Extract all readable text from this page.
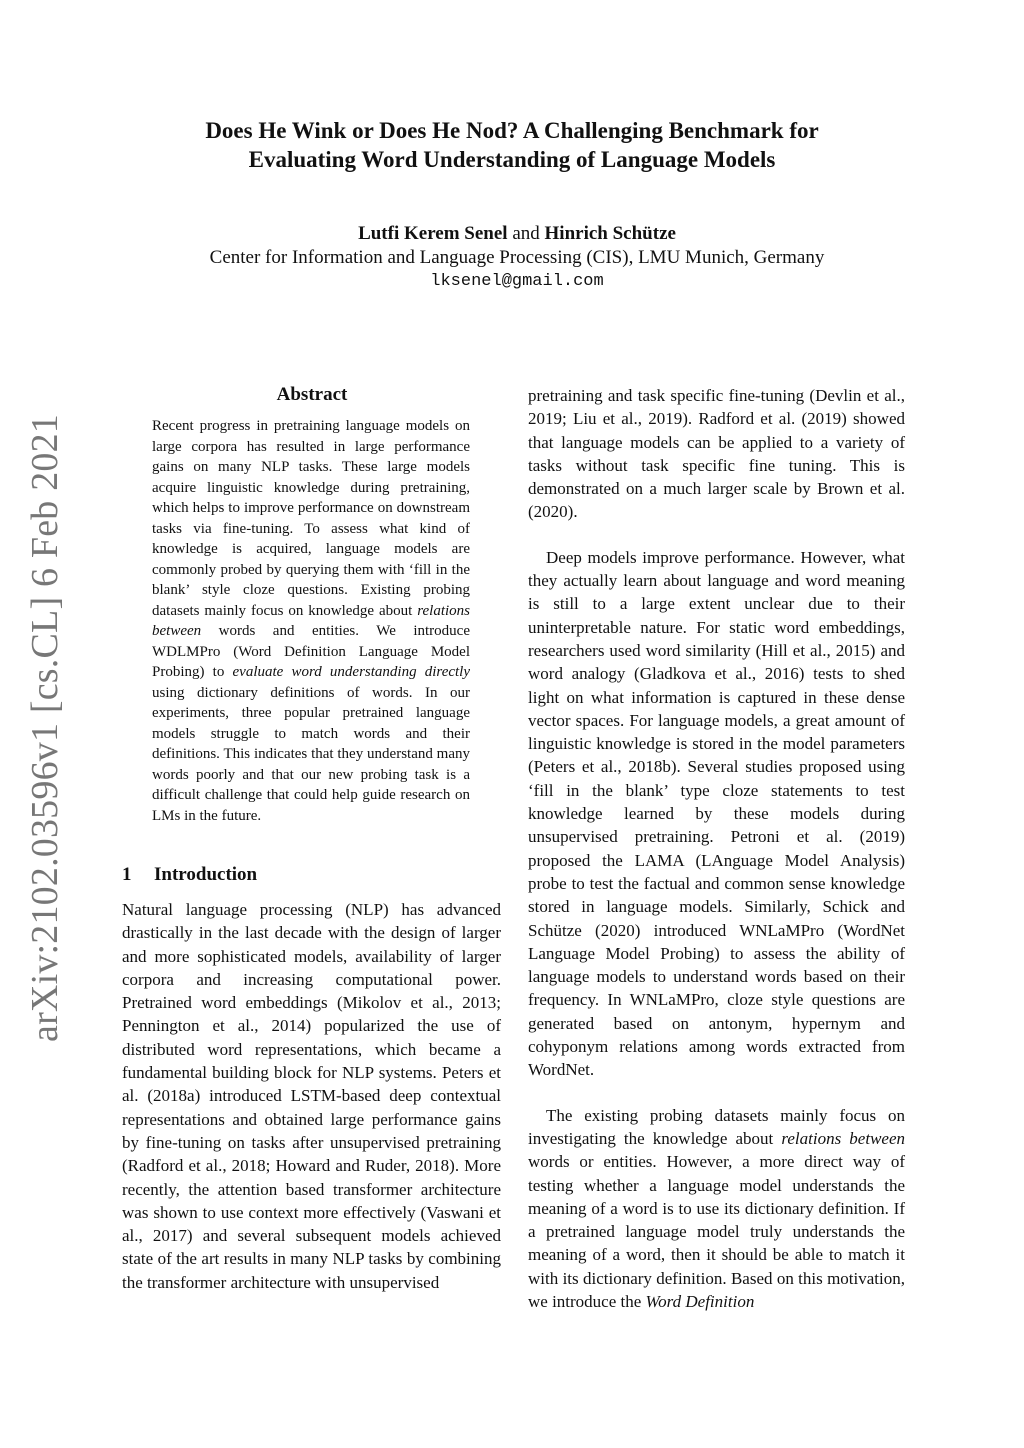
arXiv:2102.03596v1 [cs.CL] 6 Feb 2021
Does He Wink or Does He Nod? A Challenging Benchmark for
Evaluating Word Understanding of Language Models
Lutfi Kerem Senel and Hinrich Schütze
Center for Information and Language Processing (CIS), LMU Munich, Germany
lksenel@gmail.com
Abstract

Recent progress in pretraining language models on large corpora has resulted in large performance gains on many NLP tasks. These large models acquire linguistic knowledge during pretraining, which helps to improve performance on downstream tasks via fine-tuning. To assess what kind of knowledge is acquired, language models are commonly probed by querying them with ‘fill in the blank’ style cloze questions. Existing probing datasets mainly focus on knowledge about relations between words and entities. We introduce WDLMPro (Word Definition Language Model Probing) to evaluate word understanding directly using dictionary definitions of words. In our experiments, three popular pretrained language models struggle to match words and their definitions. This indicates that they understand many words poorly and that our new probing task is a difficult challenge that could help guide research on LMs in the future.

1 Introduction

Natural language processing (NLP) has advanced drastically in the last decade with the design of larger and more sophisticated models, availability of larger corpora and increasing computational power. Pretrained word embeddings (Mikolov et al., 2013; Pennington et al., 2014) popularized the use of distributed word representations, which became a fundamental building block for NLP systems. Peters et al. (2018a) introduced LSTM-based deep contextual representations and obtained large performance gains by fine-tuning on tasks after unsupervised pretraining (Radford et al., 2018; Howard and Ruder, 2018). More recently, the attention based transformer architecture was shown to use context more effectively (Vaswani et al., 2017) and several subsequent models achieved state of the art results in many NLP tasks by combining the transformer architecture with unsupervised

pretraining and task specific fine-tuning (Devlin et al., 2019; Liu et al., 2019). Radford et al. (2019) showed that language models can be applied to a variety of tasks without task specific fine tuning. This is demonstrated on a much larger scale by Brown et al. (2020).

Deep models improve performance. However, what they actually learn about language and word meaning is still to a large extent unclear due to their uninterpretable nature. For static word embeddings, researchers used word similarity (Hill et al., 2015) and word analogy (Gladkova et al., 2016) tests to shed light on what information is captured in these dense vector spaces. For language models, a great amount of linguistic knowledge is stored in the model parameters (Peters et al., 2018b). Several studies proposed using ‘fill in the blank’ type cloze statements to test knowledge learned by these models during unsupervised pretraining. Petroni et al. (2019) proposed the LAMA (LAnguage Model Analysis) probe to test the factual and common sense knowledge stored in language models. Similarly, Schick and Schütze (2020) introduced WNLaMPro (WordNet Language Model Probing) to assess the ability of language models to understand words based on their frequency. In WNLaMPro, cloze style questions are generated based on antonym, hypernym and cohyponym relations among words extracted from WordNet.

The existing probing datasets mainly focus on investigating the knowledge about relations between words or entities. However, a more direct way of testing whether a language model understands the meaning of a word is to use its dictionary definition. If a pretrained language model truly understands the meaning of a word, then it should be able to match it with its dictionary definition. Based on this motivation, we introduce the Word Definition
